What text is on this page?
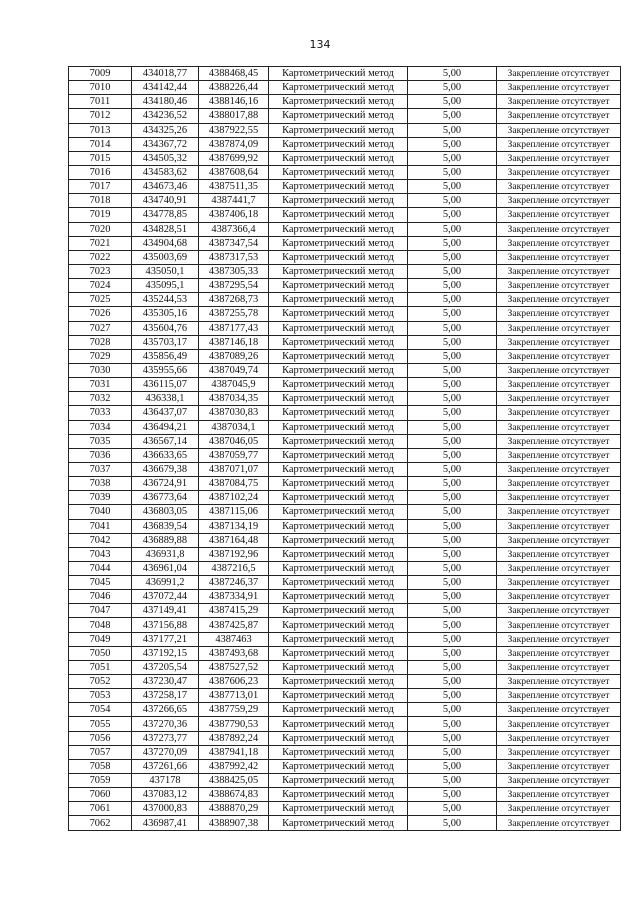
134
7009	434018,77	4388468,45	Картометрический метод	5,00	Закрепление отсутствует
7010	434142,44	4388226,44	Картометрический метод	5,00	Закрепление отсутствует
7011	434180,46	4388146,16	Картометрический метод	5,00	Закрепление отсутствует
7012	434236,52	4388017,88	Картометрический метод	5,00	Закрепление отсутствует
7013	434325,26	4387922,55	Картометрический метод	5,00	Закрепление отсутствует
7014	434367,72	4387874,09	Картометрический метод	5,00	Закрепление отсутствует
7015	434505,32	4387699,92	Картометрический метод	5,00	Закрепление отсутствует
7016	434583,62	4387608,64	Картометрический метод	5,00	Закрепление отсутствует
7017	434673,46	4387511,35	Картометрический метод	5,00	Закрепление отсутствует
7018	434740,91	4387441,7	Картометрический метод	5,00	Закрепление отсутствует
7019	434778,85	4387406,18	Картометрический метод	5,00	Закрепление отсутствует
7020	434828,51	4387366,4	Картометрический метод	5,00	Закрепление отсутствует
7021	434904,68	4387347,54	Картометрический метод	5,00	Закрепление отсутствует
7022	435003,69	4387317,53	Картометрический метод	5,00	Закрепление отсутствует
7023	435050,1	4387305,33	Картометрический метод	5,00	Закрепление отсутствует
7024	435095,1	4387295,54	Картометрический метод	5,00	Закрепление отсутствует
7025	435244,53	4387268,73	Картометрический метод	5,00	Закрепление отсутствует
7026	435305,16	4387255,78	Картометрический метод	5,00	Закрепление отсутствует
7027	435604,76	4387177,43	Картометрический метод	5,00	Закрепление отсутствует
7028	435703,17	4387146,18	Картометрический метод	5,00	Закрепление отсутствует
7029	435856,49	4387089,26	Картометрический метод	5,00	Закрепление отсутствует
7030	435955,66	4387049,74	Картометрический метод	5,00	Закрепление отсутствует
7031	436115,07	4387045,9	Картометрический метод	5,00	Закрепление отсутствует
7032	436338,1	4387034,35	Картометрический метод	5,00	Закрепление отсутствует
7033	436437,07	4387030,83	Картометрический метод	5,00	Закрепление отсутствует
7034	436494,21	4387034,1	Картометрический метод	5,00	Закрепление отсутствует
7035	436567,14	4387046,05	Картометрический метод	5,00	Закрепление отсутствует
7036	436633,65	4387059,77	Картометрический метод	5,00	Закрепление отсутствует
7037	436679,38	4387071,07	Картометрический метод	5,00	Закрепление отсутствует
7038	436724,91	4387084,75	Картометрический метод	5,00	Закрепление отсутствует
7039	436773,64	4387102,24	Картометрический метод	5,00	Закрепление отсутствует
7040	436803,05	4387115,06	Картометрический метод	5,00	Закрепление отсутствует
7041	436839,54	4387134,19	Картометрический метод	5,00	Закрепление отсутствует
7042	436889,88	4387164,48	Картометрический метод	5,00	Закрепление отсутствует
7043	436931,8	4387192,96	Картометрический метод	5,00	Закрепление отсутствует
7044	436961,04	4387216,5	Картометрический метод	5,00	Закрепление отсутствует
7045	436991,2	4387246,37	Картометрический метод	5,00	Закрепление отсутствует
7046	437072,44	4387334,91	Картометрический метод	5,00	Закрепление отсутствует
7047	437149,41	4387415,29	Картометрический метод	5,00	Закрепление отсутствует
7048	437156,88	4387425,87	Картометрический метод	5,00	Закрепление отсутствует
7049	437177,21	4387463	Картометрический метод	5,00	Закрепление отсутствует
7050	437192,15	4387493,68	Картометрический метод	5,00	Закрепление отсутствует
7051	437205,54	4387527,52	Картометрический метод	5,00	Закрепление отсутствует
7052	437230,47	4387606,23	Картометрический метод	5,00	Закрепление отсутствует
7053	437258,17	4387713,01	Картометрический метод	5,00	Закрепление отсутствует
7054	437266,65	4387759,29	Картометрический метод	5,00	Закрепление отсутствует
7055	437270,36	4387790,53	Картометрический метод	5,00	Закрепление отсутствует
7056	437273,77	4387892,24	Картометрический метод	5,00	Закрепление отсутствует
7057	437270,09	4387941,18	Картометрический метод	5,00	Закрепление отсутствует
7058	437261,66	4387992,42	Картометрический метод	5,00	Закрепление отсутствует
7059	437178	4388425,05	Картометрический метод	5,00	Закрепление отсутствует
7060	437083,12	4388674,83	Картометрический метод	5,00	Закрепление отсутствует
7061	437000,83	4388870,29	Картометрический метод	5,00	Закрепление отсутствует
7062	436987,41	4388907,38	Картометрический метод	5,00	Закрепление отсутствует
